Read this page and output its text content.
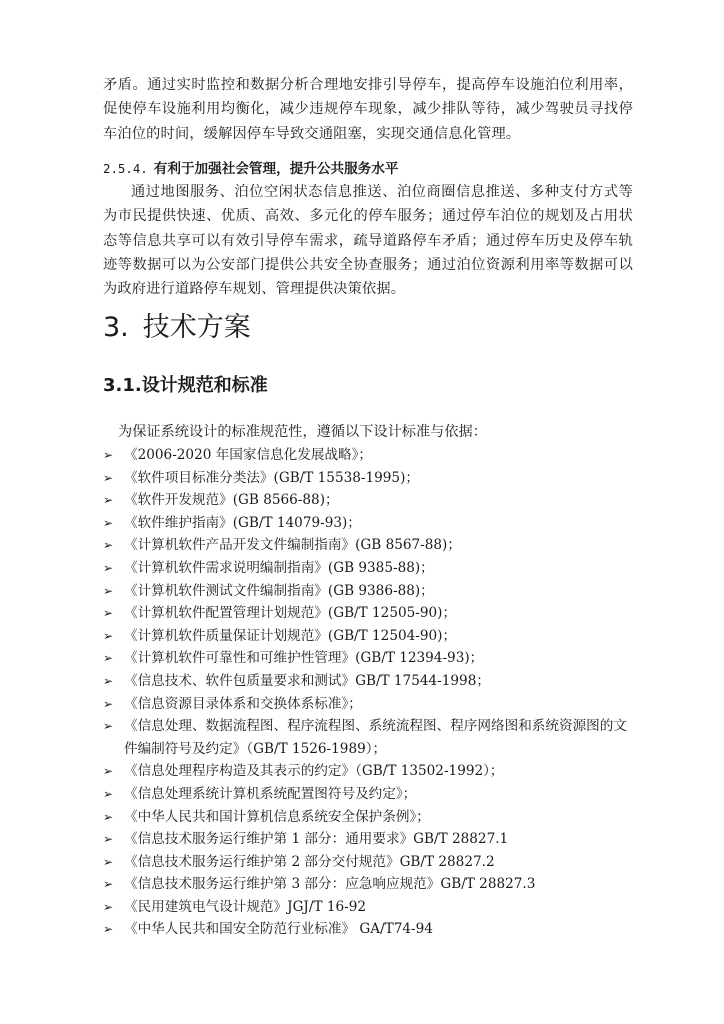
矛盾。通过实时监控和数据分析合理地安排引导停车，提高停车设施泊位利用率，促使停车设施利用均衡化，减少违规停车现象，减少排队等待，减少驾驶员寻找停车泊位的时间，缓解因停车导致交通阻塞，实现交通信息化管理。

2.5.4. 有利于加强社会管理，提升公共服务水平

通过地图服务、泊位空闲状态信息推送、泊位商圈信息推送、多种支付方式等为市民提供快速、优质、高效、多元化的停车服务；通过停车泊位的规划及占用状态等信息共享可以有效引导停车需求，疏导道路停车矛盾；通过停车历史及停车轨迹等数据可以为公安部门提供公共安全协查服务；通过泊位资源利用率等数据可以为政府进行道路停车规划、管理提供决策依据。

3. 技术方案
3.1.设计规范和标准

为保证系统设计的标准规范性，遵循以下设计标准与依据：

➢ 《2006-2020 年国家信息化发展战略》；
➢ 《软件项目标准分类法》(GB/T 15538-1995)；
➢ 《软件开发规范》(GB 8566-88)；
➢ 《软件维护指南》(GB/T 14079-93)；
➢ 《计算机软件产品开发文件编制指南》(GB 8567-88)；
➢ 《计算机软件需求说明编制指南》(GB 9385-88)；
➢ 《计算机软件测试文件编制指南》(GB 9386-88)；
➢ 《计算机软件配置管理计划规范》(GB/T 12505-90)；
➢ 《计算机软件质量保证计划规范》(GB/T 12504-90)；
➢ 《计算机软件可靠性和可维护性管理》(GB/T 12394-93)；
➢ 《信息技术、软件包质量要求和测试》GB/T 17544-1998；
➢ 《信息资源目录体系和交换体系标准》；
➢ 《信息处理、数据流程图、程序流程图、系统流程图、程序网络图和系统资源图的文件编制符号及约定》（GB/T 1526-1989）；
➢ 《信息处理程序构造及其表示的约定》（GB/T 13502-1992）；
➢ 《信息处理系统计算机系统配置图符号及约定》；
➢ 《中华人民共和国计算机信息系统安全保护条例》；
➢ 《信息技术服务运行维护第 1 部分：通用要求》GB/T 28827.1
➢ 《信息技术服务运行维护第 2 部分交付规范》GB/T 28827.2
➢ 《信息技术服务运行维护第 3 部分：应急响应规范》GB/T 28827.3
➢ 《民用建筑电气设计规范》JGJ/T 16-92
➢ 《中华人民共和国安全防范行业标准》 GA/T74-94
